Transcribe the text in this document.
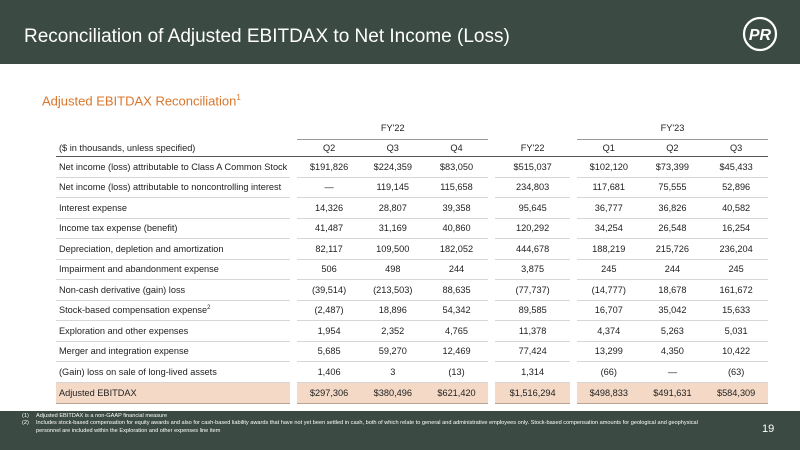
Reconciliation of Adjusted EBITDAX to Net Income (Loss)	PR
Adjusted EBITDAX Reconciliation$^1$
		FY'22						FY'23		
($ in thousands, unless specified)		Q2	Q3	Q4		FY'22		Q1	Q2	Q3
Net income (loss) attributable to Class A Common Stock		$191,826	$224,359	$83,050		$515,037		$102,120	$73,399	$45,433
Net income (loss) attributable to noncontrolling interest		—	119,145	115,658		234,803		117,681	75,555	52,896
Interest expense		14,326	28,807	39,358		95,645		36,777	36,826	40,582
Income tax expense (benefit)		41,487	31,169	40,860		120,292		34,254	26,548	16,254
Depreciation, depletion and amortization		82,117	109,500	182,052		444,678		188,219	215,726	236,204
Impairment and abandonment expense		506	498	244		3,875		245	244	245
Non-cash derivative (gain) loss		(39,514)	(213,503)	88,635		(77,737)		(14,777)	18,678	161,672
Stock-based compensation expense$^2$		(2,487)	18,896	54,342		89,585		16,707	35,042	15,633
Exploration and other expenses		1,954	2,352	4,765		11,378		4,374	5,263	5,031
Merger and integration expense		5,685	59,270	12,469		77,424		13,299	4,350	10,422
(Gain) loss on sale of long-lived assets		1,406	3	(13)		1,314		(66)	—	(63)
Adjusted EBITDAX		$297,306	$380,496	$621,420		$1,516,294		$498,833	$491,631	$584,309
(1)	Adjusted EBITDAX is a non-GAAP financial measure
(2)	Includes stock-based compensation for equity awards and also for cash-based liability awards that have not yet been settled in cash, both of which relate to general and administrative employees only. Stock-based compensation amounts for geological and geophysical personnel are included within the Exploration and other expenses line item	19
